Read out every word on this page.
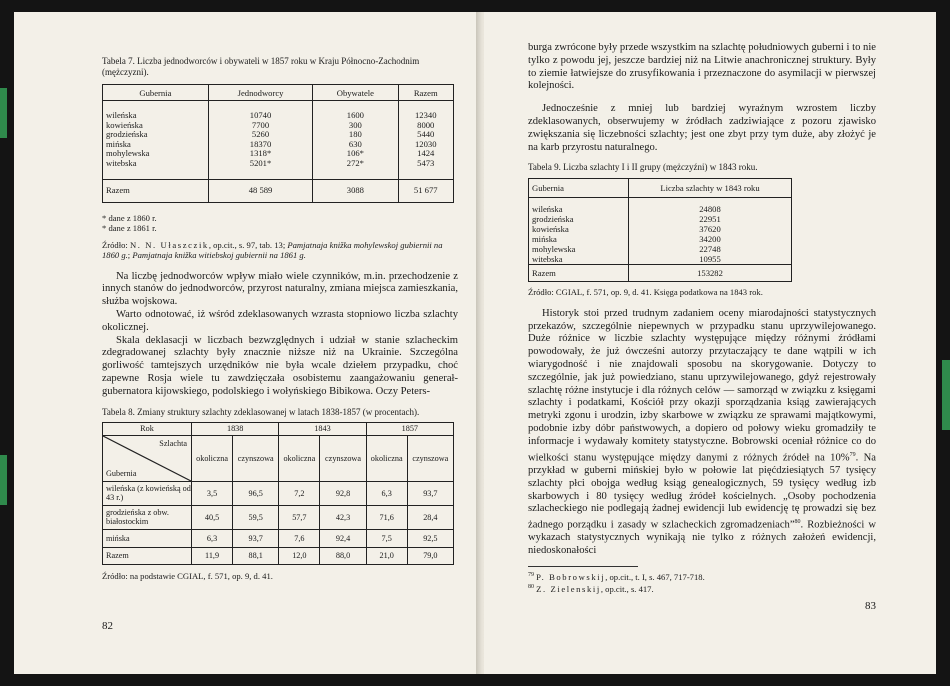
Tabela 7. Liczba jednodworców i obywateli w 1857 roku w Kraju Północno-Zachodnim (mężczyzni).
Gubernia	Jednodworcy	Obywatele	Razem

wileńska	10740	1600	12340
kowieńska	7700	300	8000
grodzieńska	5260	180	5440
mińska	18370	630	12030
mohylewska	1318*	106*	1424
witebska	5201*	272*	5473

Razem	48 589	3088	51 677
* dane z 1860 r.
* dane z 1861 r.
Źródło: N. N. Ułaszczik, op.cit., s. 97, tab. 13; Pamjatnaja knižka mohylewskoj gubiernii na 1860 g.; Pamjatnaja knižka witiebskoj gubiernii na 1861 g.

Na liczbę jednodworców wpływ miało wiele czynników, m.in. przechodzenie z innych stanów do jednodworców, przyrost naturalny, zmiana miejsca zamieszkania, służba wojskowa.

Warto odnotować, iż wśród zdeklasowanych wzrasta stopniowo liczba szlachty okolicznej.

Skala deklasacji w liczbach bezwzględnych i udział w stanie szlacheckim zdegradowanej szlachty były znacznie niższe niż na Ukrainie. Szczególna gorliwość tamtejszych urzędników nie była wcale dziełem przypadku, choć zapewne Rosja wiele tu zawdzięczała osobistemu zaangażowaniu generał-gubernatora kijowskiego, podolskiego i wołyńskiego Bibikowa. Oczy Peters-

Tabela 8. Zmiany struktury szlachty zdeklasowanej w latach 1838-1857 (w procentach).
Rok	1838		1843		1857	

Szlachta
Gubernia	okoliczna	czynszowa	okoliczna	czynszowa	okoliczna	czynszowa
wileńska (z kowieńską od 43 r.)	3,5	96,5	7,2	92,8	6,3	93,7
grodzieńska z obw. białostockim	40,5	59,5	57,7	42,3	71,6	28,4
mińska	6,3	93,7	7,6	92,4	7,5	92,5
Razem	11,9	88,1	12,0	88,0	21,0	79,0
Źródło: na podstawie CGIAL, f. 571, op. 9, d. 41.
82

burga zwrócone były przede wszystkim na szlachtę południowych guberni i to nie tylko z powodu jej, jeszcze bardziej niż na Litwie anachronicznej struktury. Były to ziemie łatwiejsze do zrusyfikowania i przeznaczone do asymilacji w pierwszej kolejności.

Jednocześnie z mniej lub bardziej wyraźnym wzrostem liczby zdeklasowanych, obserwujemy w źródłach zadziwiające z pozoru zjawisko zwiększania się liczebności szlachty; jest one zbyt przy tym duże, aby złożyć je na karb przyrostu naturalnego.

Tabela 9. Liczba szlachty I i II grupy (mężczyźni) w 1843 roku.
Gubernia	Liczba szlachty w 1843 roku

wileńska	24808
grodzieńska	22951
kowieńska	37620
mińska	34200
mohylewska	22748
witebska	10955
Razem	153282
Źródło: CGIAL, f. 571, op. 9, d. 41. Księga podatkowa na 1843 rok.

Historyk stoi przed trudnym zadaniem oceny miarodajności statystycznych przekazów, szczególnie niepewnych w przypadku stanu uprzywilejowanego. Duże różnice w liczbie szlachty występujące między różnymi źródłami powodowały, że już ówcześni autorzy przytaczający te dane wątpili w ich wiarygodność i nie znajdowali sposobu na skorygowanie. Dotyczy to szczególnie, jak już powiedziano, stanu uprzywilejowanego, gdyż rejestrowały szlachtę różne instytucje i dla różnych celów — samorząd w związku z księgami szlachty i podatkami, Kościół przy okazji sporządzania ksiąg zawierających metryki zgonu i urodzin, izby skarbowe w związku ze sprawami majątkowymi, podobnie izby dóbr państwowych, a dopiero od połowy wieku gromadziły te informacje i wydawały komitety statystyczne. Bobrowski oceniał różnice co do wielkości stanu występujące między danymi z różnych źródeł na 10%$^{79}$. Na przykład w guberni mińskiej było w połowie lat pięćdziesiątych 57 tysięcy szlachty płci obojga według ksiąg genealogicznych, 59 tysięcy według izb skarbowych i 80 tysięcy według źródeł kościelnych. „Osoby pochodzenia szlacheckiego nie podlegają żadnej ewidencji lub ewidencję tę prowadzi się bez żadnego porządku i zasady w szlacheckich zgromadzeniach”$^{80}$. Rozbieżności w wykazach statystycznych wynikają nie tylko z różnych założeń ewidencji, niedoskonałości

$^{79}$ P. Bobrowskij, op.cit., t. I, s. 467, 717-718.
$^{80}$ Z. Zielenskij, op.cit., s. 417.
83
